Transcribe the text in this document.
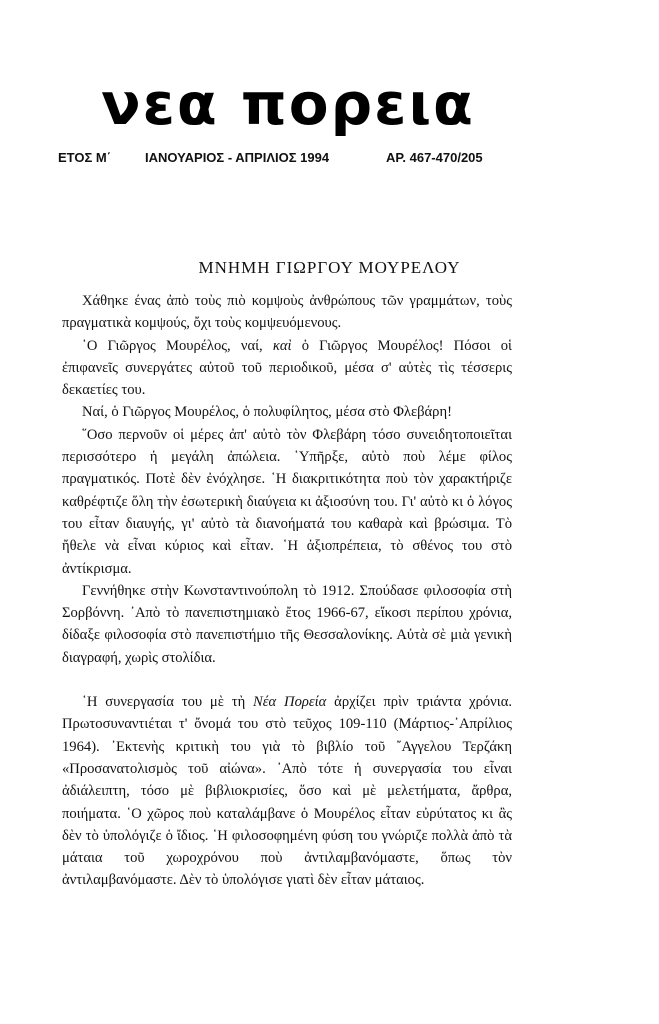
νεα πορεια
ΕΤΟΣ Μ΄	ΙΑΝΟΥΑΡΙΟΣ - ΑΠΡΙΛΙΟΣ 1994	ΑΡ. 467-470/205
ΜΝΗΜΗ ΓΙΩΡΓΟΥ ΜΟΥΡΕΛΟΥ

Χάθηκε ένας ἀπὸ τοὺς πιὸ κομψοὺς ἀνθρώπους τῶν γραμμάτων, τοὺς πραγματικὰ κομψούς, ὄχι τοὺς κομψευόμενους.

῾Ο Γιῶργος Μουρέλος, ναί, καὶ ὁ Γιῶργος Μουρέλος! Πόσοι οἱ ἐπιφανεῖς συνεργάτες αὐτοῦ τοῦ περιοδικοῦ, μέσα σ' αὐτὲς τὶς τέσσερις δεκαετίες του.

Ναί, ὁ Γιῶργος Μουρέλος, ὁ πολυφίλητος, μέσα στὸ Φλεβάρη!

῞Οσο περνοῦν οἱ μέρες ἀπ' αὐτὸ τὸν Φλεβάρη τόσο συνειδητοποιεῖται περισσότερο ἡ μεγάλη ἀπώλεια. ῾Υπῆρξε, αὐτὸ ποὺ λέμε φίλος πραγματικός. Ποτὲ δὲν ἐνόχλησε. ῾Η διακριτικότητα ποὺ τὸν χαρακτήριζε καθρέφτιζε ὅλη τὴν ἐσωτερικὴ διαύγεια κι ἀξιοσύνη του. Γι' αὐτὸ κι ὁ λόγος του εἶταν διαυγής, γι' αὐτὸ τὰ διανοήματά του καθαρὰ καὶ βρώσιμα. Τὸ ἤθελε νὰ εἶναι κύριος καὶ εἶταν. ῾Η ἀξιοπρέπεια, τὸ σθένος του στὸ ἀντίκρισμα.

Γεννήθηκε στὴν Κωνσταντινούπολη τὸ 1912. Σπούδασε φιλοσοφία στὴ Σορβόννη. ᾿Απὸ τὸ πανεπιστημιακὸ ἔτος 1966-67, εἴκοσι περίπου χρόνια, δίδαξε φιλοσοφία στὸ πανεπιστήμιο τῆς Θεσσαλονίκης. Αὐτὰ σὲ μιὰ γενικὴ διαγραφή, χωρὶς στολίδια.

῾Η συνεργασία του μὲ τὴ Νέα Πορεία ἀρχίζει πρὶν τριάντα χρόνια. Πρωτοσυναντιέται τ' ὄνομά του στὸ τεῦχος 109-110 (Μάρτιος-᾿Απρίλιος 1964). ᾿Εκτενὴς κριτικὴ του γιὰ τὸ βιβλίο τοῦ ῎Αγγελου Τερζάκη «Προσανατολισμὸς τοῦ αἰώνα». ᾿Απὸ τότε ἡ συνεργασία του εἶναι ἀδιάλειπτη, τόσο μὲ βιβλιοκρισίες, ὅσο καὶ μὲ μελετήματα, ἄρθρα, ποιήματα. ῾Ο χῶρος ποὺ καταλάμβανε ὁ Μουρέλος εἶταν εὐρύτατος κι ἂς δὲν τὸ ὑπολόγιζε ὁ ἴδιος. ῾Η φιλοσοφημένη φύση του γνώριζε πολλὰ ἀπὸ τὰ μάταια τοῦ χωροχρόνου ποὺ ἀντιλαμβανόμαστε, ὅπως τὸν ἀντιλαμβανόμαστε. Δὲν τὸ ὑπολόγισε γιατὶ δὲν εἶταν μάταιος.
